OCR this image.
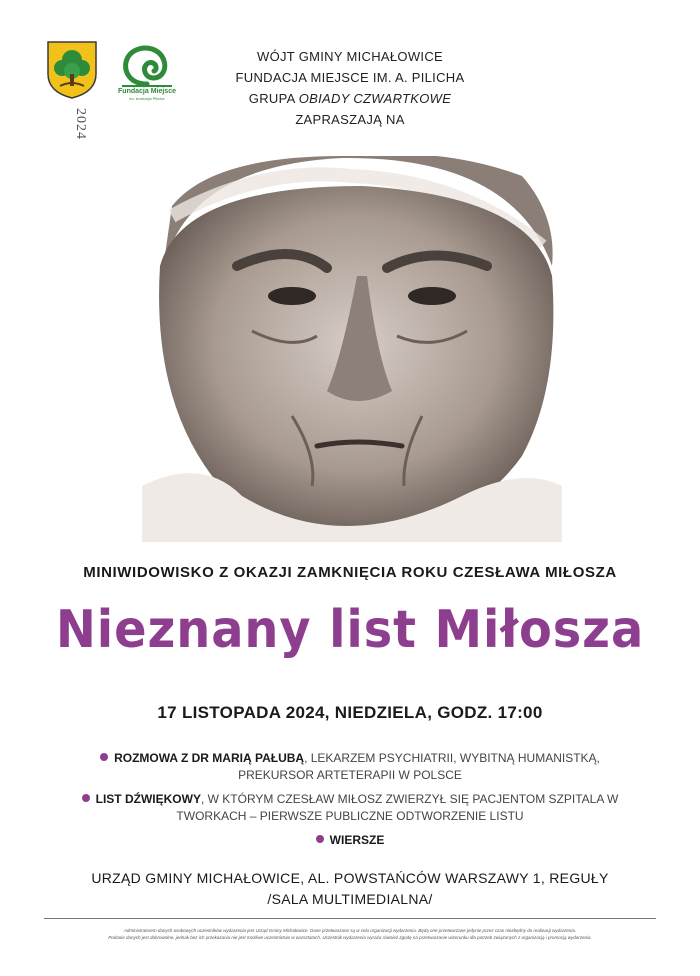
2024
Fundacja Miejsce
im. Andrzeja Pilicha
WÓJT GMINY MICHAŁOWICE
FUNDACJA MIEJSCE IM. A. PILICHA
GRUPA OBIADY CZWARTKOWE
ZAPRASZAJĄ NA
MINIWIDOWISKO Z OKAZJI ZAMKNIĘCIA ROKU CZESŁAWA MIŁOSZA
Nieznany list Miłosza
17 LISTOPADA 2024, NIEDZIELA, GODZ. 17:00
ROZMOWA Z DR MARIĄ PAŁUBĄ, LEKARZEM PSYCHIATRII, WYBITNĄ HUMANISTKĄ,
PREKURSOR ARTETERAPII W POLSCE
LIST DŹWIĘKOWY, W KTÓRYM CZESŁAW MIŁOSZ ZWIERZYŁ SIĘ PACJENTOM SZPITALA W
TWORKACH – PIERWSZE PUBLICZNE ODTWORZENIE LISTU
WIERSZE
URZĄD GMINY MICHAŁOWICE, AL. POWSTAŃCÓW WARSZAWY 1, REGUŁY
/SALA MULTIMEDIALNA/
Administratorem danych osobowych uczestników wydarzenia jest Urząd Gminy Michałowice. Dane przetwarzane są w celu organizacji wydarzenia. Będą one przetwarzane jedynie przez czas niezbędny do realizacji wydarzenia.
Podanie danych jest dobrowolne, jednak bez ich przekazania nie jest możliwe uczestnictwo w warsztatach. Uczestnik wydarzenia wyraża również zgodę na przetwarzanie wizerunku dla potrzeb związanych z organizacją i promocją wydarzenia.
